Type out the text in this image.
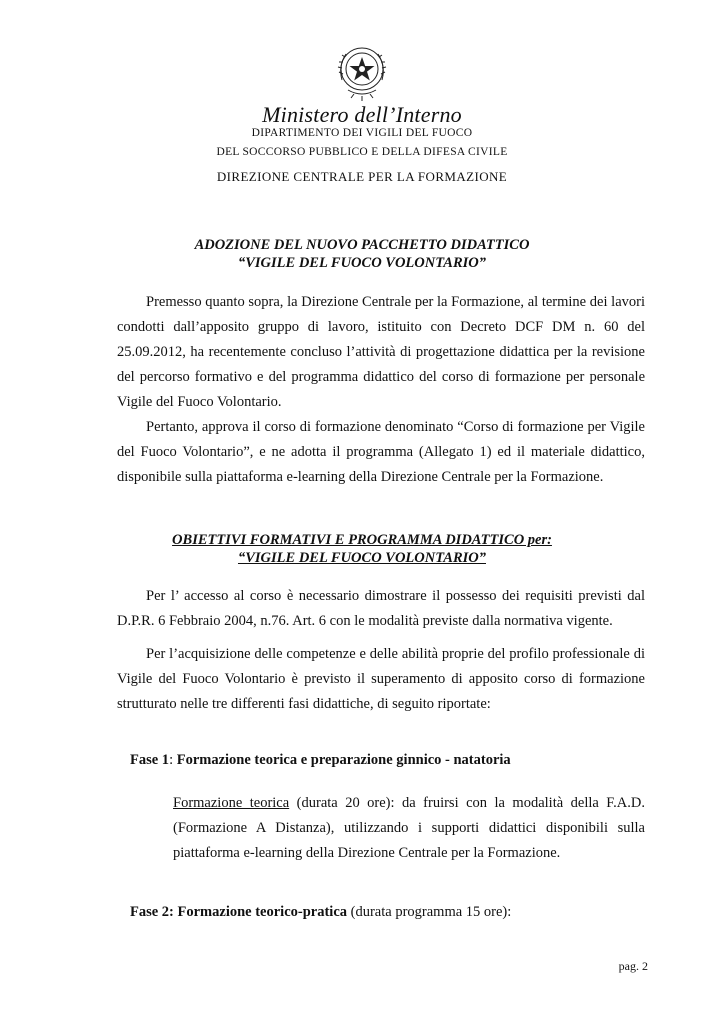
Ministero dell’Interno
DIPARTIMENTO DEI VIGILI DEL FUOCO
DEL SOCCORSO PUBBLICO E DELLA DIFESA CIVILE
DIREZIONE CENTRALE PER LA FORMAZIONE
ADOZIONE DEL NUOVO PACCHETTO DIDATTICO
“VIGILE DEL FUOCO VOLONTARIO”

Premesso quanto sopra, la Direzione Centrale per la Formazione, al termine dei lavori condotti dall’apposito gruppo di lavoro, istituito con Decreto DCF DM n. 60 del 25.09.2012, ha recentemente concluso l’attività di progettazione didattica per la revisione del percorso formativo e del programma didattico del corso di formazione per personale Vigile del Fuoco Volontario.

Pertanto, approva il corso di formazione denominato “Corso di formazione per Vigile del Fuoco Volontario”, e ne adotta il programma (Allegato 1) ed il materiale didattico, disponibile sulla piattaforma e-learning della Direzione Centrale per la Formazione.

OBIETTIVI FORMATIVI E PROGRAMMA DIDATTICO per:
“VIGILE DEL FUOCO VOLONTARIO”

Per l’ accesso al corso è necessario dimostrare il possesso dei requisiti previsti dal D.P.R. 6 Febbraio 2004, n.76. Art. 6 con le modalità previste dalla normativa vigente.

Per l’acquisizione delle competenze e delle abilità proprie del profilo professionale di Vigile del Fuoco Volontario è previsto il superamento di apposito corso di formazione strutturato nelle tre differenti fasi didattiche, di seguito riportate:

Fase 1: Formazione teorica e preparazione ginnico - natatoria

Formazione teorica (durata 20 ore): da fruirsi con la modalità della F.A.D. (Formazione A Distanza), utilizzando i supporti didattici disponibili sulla piattaforma e-learning della Direzione Centrale per la Formazione.

Fase 2: Formazione teorico-pratica (durata programma 15 ore):
pag. 2
